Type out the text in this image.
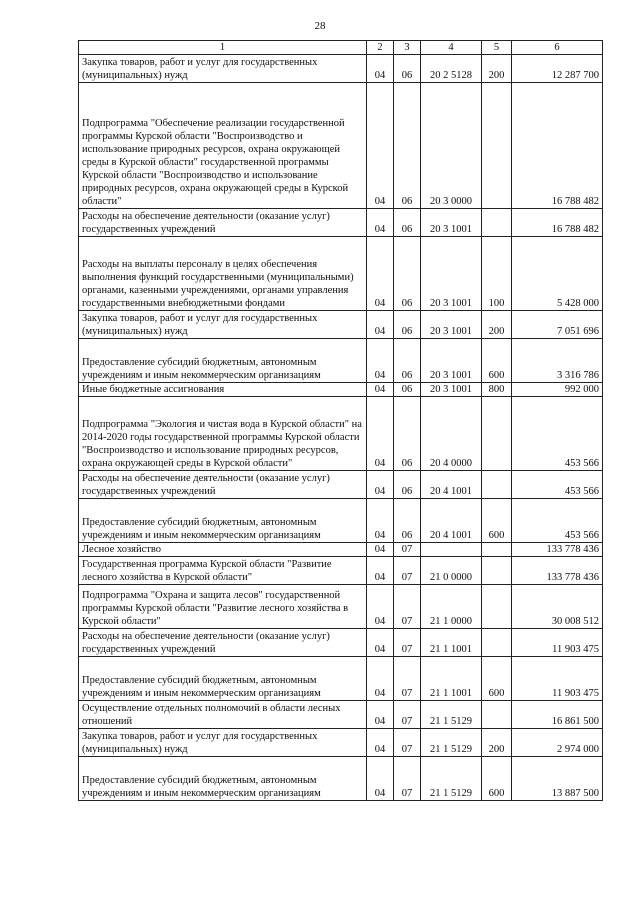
28
1	2	3	4	5	6
Закупка товаров, работ и услуг для государственных (муниципальных) нужд	04	06	20 2 5128	200	12 287 700
Подпрограмма "Обеспечение реализации государственной программы Курской области "Воспроизводство и использование природных ресурсов, охрана окружающей среды в Курской области" государственной программы Курской области "Воспроизводство и использование природных ресурсов, охрана окружающей среды в Курской области"	04	06	20 3 0000		16 788 482
Расходы на обеспечение деятельности (оказание услуг) государственных учреждений	04	06	20 3 1001		16 788 482
Расходы на выплаты персоналу в целях обеспечения выполнения функций государственными (муниципальными) органами, казенными учреждениями, органами управления государственными внебюджетными фондами	04	06	20 3 1001	100	5 428 000
Закупка товаров, работ и услуг для государственных (муниципальных) нужд	04	06	20 3 1001	200	7 051 696
Предоставление субсидий бюджетным, автономным учреждениям и иным некоммерческим организациям	04	06	20 3 1001	600	3 316 786
Иные бюджетные ассигнования	04	06	20 3 1001	800	992 000
Подпрограмма "Экология и чистая вода в Курской области" на 2014-2020 годы государственной программы Курской области "Воспроизводство и использование природных ресурсов, охрана окружающей среды в Курской области"	04	06	20 4 0000		453 566
Расходы на обеспечение деятельности (оказание услуг) государственных учреждений	04	06	20 4 1001		453 566
Предоставление субсидий бюджетным, автономным учреждениям и иным некоммерческим организациям	04	06	20 4 1001	600	453 566
Лесное хозяйство	04	07			133 778 436
Государственная программа Курской области "Развитие лесного хозяйства в Курской области"	04	07	21 0 0000		133 778 436
Подпрограмма "Охрана и защита лесов" государственной программы Курской области "Развитие лесного хозяйства в Курской области"	04	07	21 1 0000		30 008 512
Расходы на обеспечение деятельности (оказание услуг) государственных учреждений	04	07	21 1 1001		11 903 475
Предоставление субсидий бюджетным, автономным учреждениям и иным некоммерческим организациям	04	07	21 1 1001	600	11 903 475
Осуществление отдельных полномочий в области лесных отношений	04	07	21 1 5129		16 861 500
Закупка товаров, работ и услуг для государственных (муниципальных) нужд	04	07	21 1 5129	200	2 974 000
Предоставление субсидий бюджетным, автономным учреждениям и иным некоммерческим организациям	04	07	21 1 5129	600	13 887 500
